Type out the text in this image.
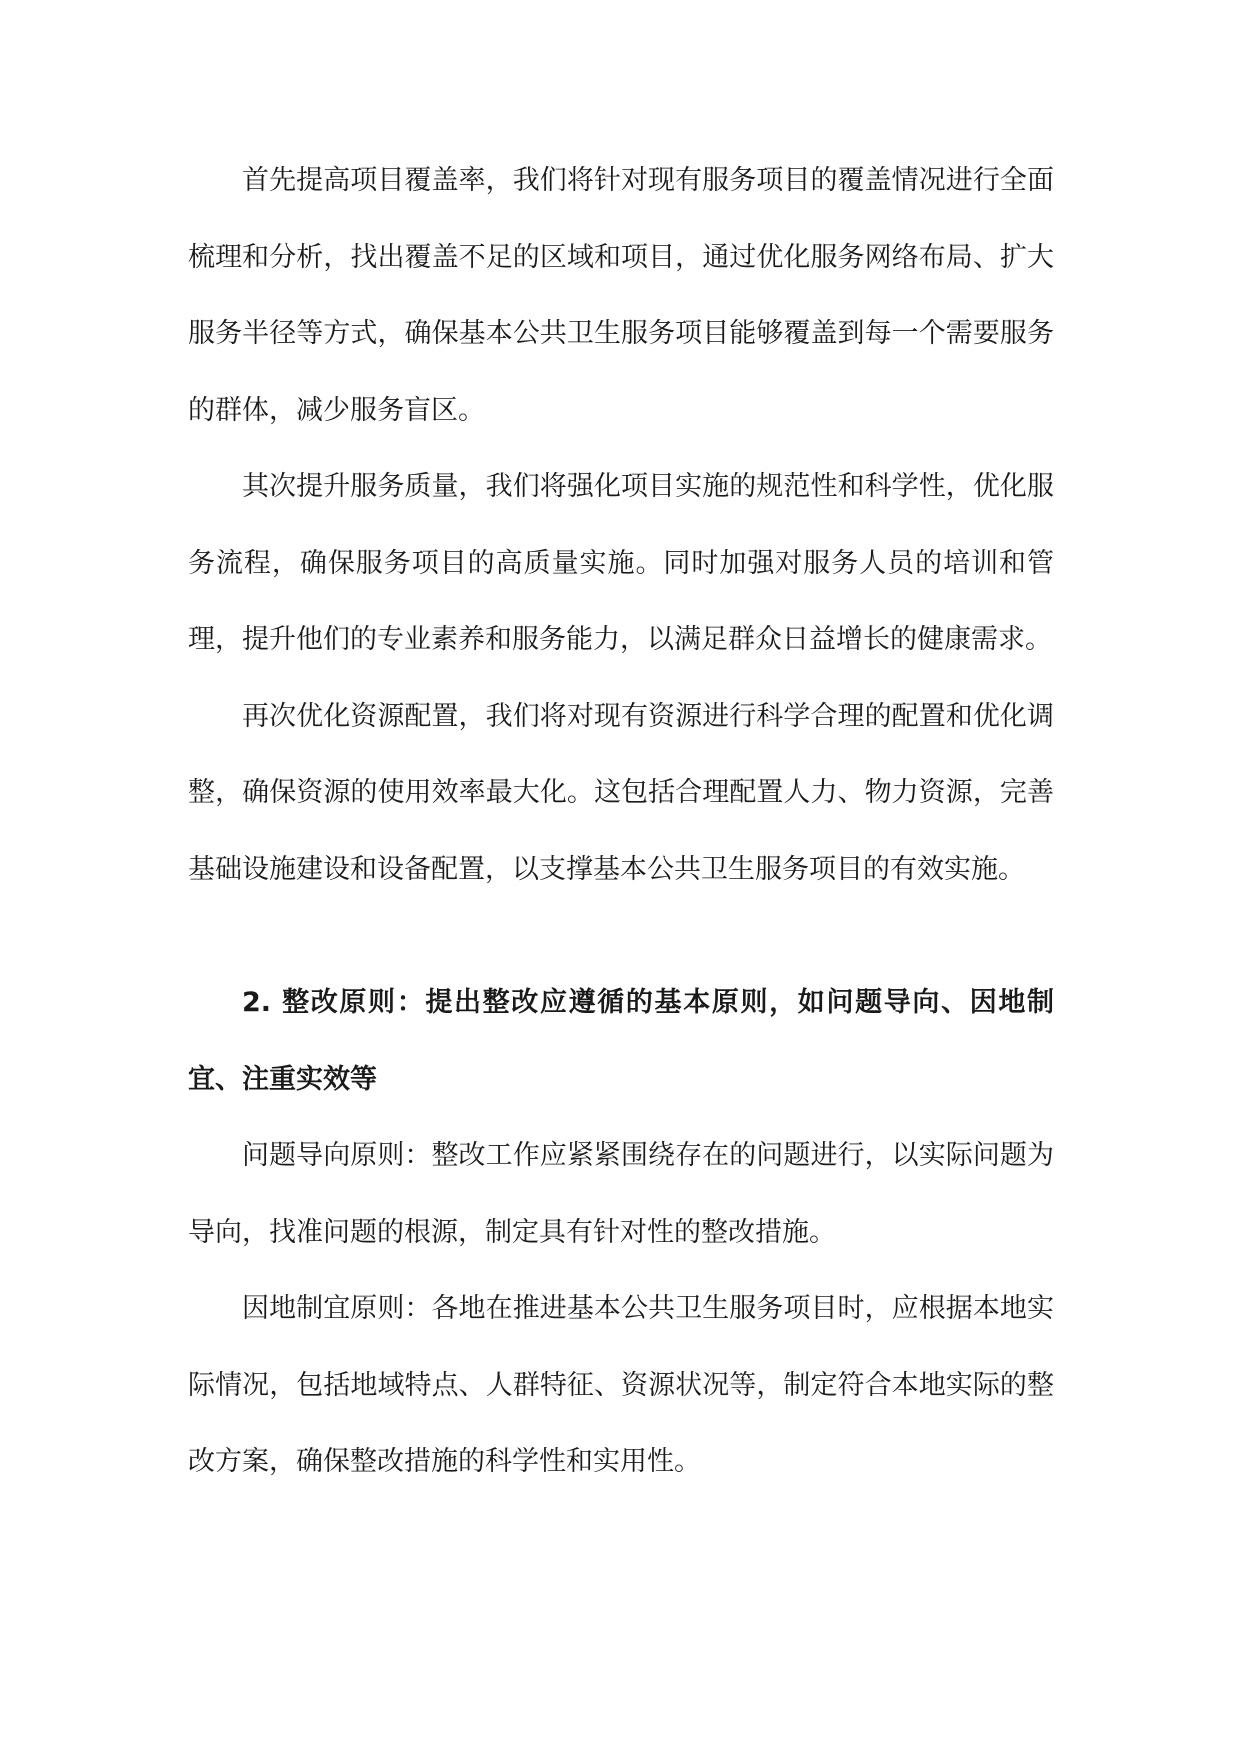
首先提高项目覆盖率，我们将针对现有服务项目的覆盖情况进行全面梳理和分析，找出覆盖不足的区域和项目，通过优化服务网络布局、扩大服务半径等方式，确保基本公共卫生服务项目能够覆盖到每一个需要服务的群体，减少服务盲区。

其次提升服务质量，我们将强化项目实施的规范性和科学性，优化服务流程，确保服务项目的高质量实施。同时加强对服务人员的培训和管理，提升他们的专业素养和服务能力，以满足群众日益增长的健康需求。

再次优化资源配置，我们将对现有资源进行科学合理的配置和优化调整，确保资源的使用效率最大化。这包括合理配置人力、物力资源，完善基础设施建设和设备配置，以支撑基本公共卫生服务项目的有效实施。

2. 整改原则：提出整改应遵循的基本原则，如问题导向、因地制宜、注重实效等

问题导向原则：整改工作应紧紧围绕存在的问题进行，以实际问题为导向，找准问题的根源，制定具有针对性的整改措施。

因地制宜原则：各地在推进基本公共卫生服务项目时，应根据本地实际情况，包括地域特点、人群特征、资源状况等，制定符合本地实际的整改方案，确保整改措施的科学性和实用性。
